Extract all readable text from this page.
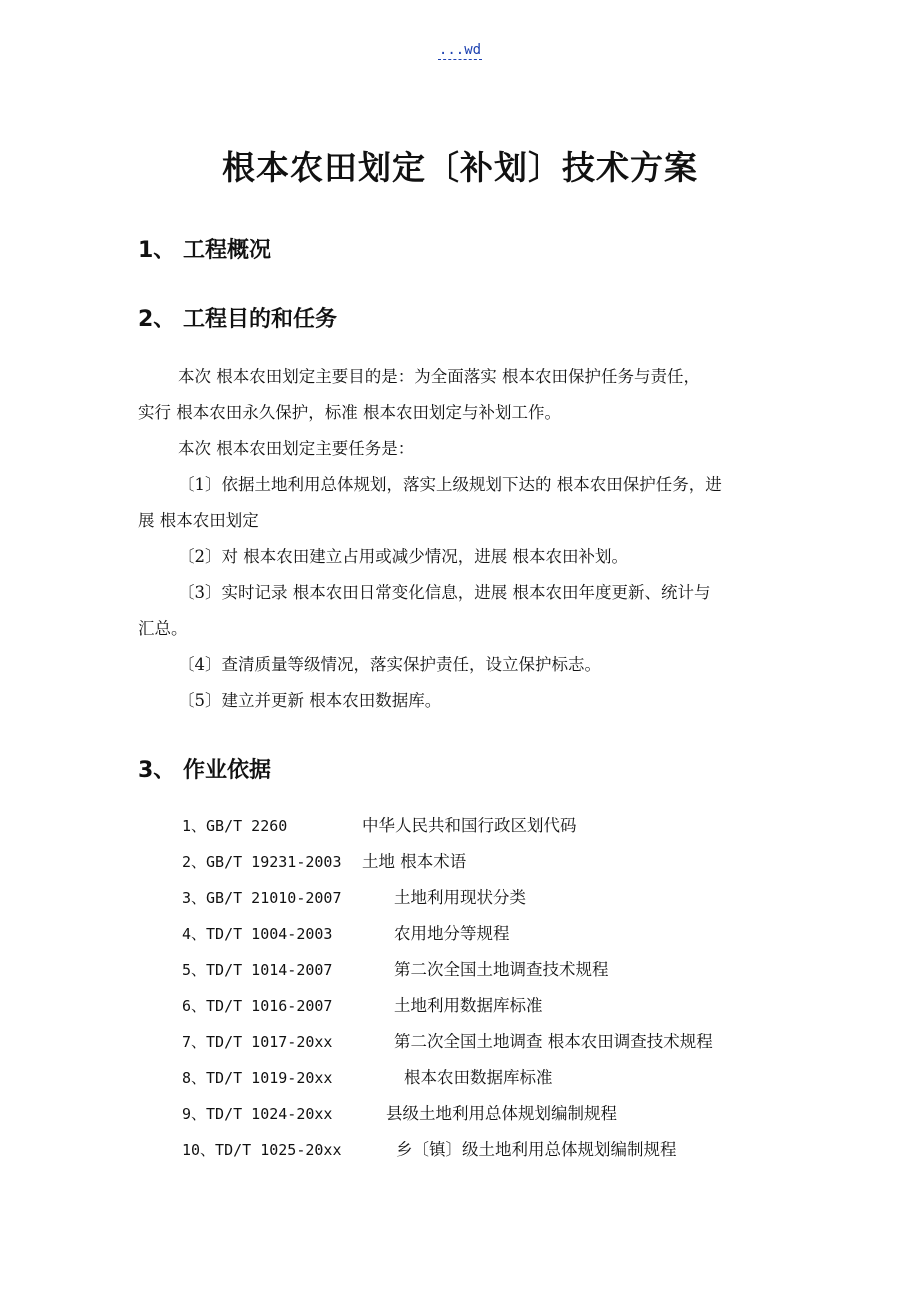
...wd
根本农田划定〔补划〕技术方案
1、 工程概况
2、 工程目的和任务
本次 根本农田划定主要目的是：为全面落实 根本农田保护任务与责任，
实行 根本农田永久保护，标准 根本农田划定与补划工作。
本次 根本农田划定主要任务是：
〔1〕依据土地利用总体规划，落实上级规划下达的 根本农田保护任务，进
展 根本农田划定
〔2〕对 根本农田建立占用或减少情况，进展 根本农田补划。
〔3〕实时记录 根本农田日常变化信息，进展 根本农田年度更新、统计与
汇总。
〔4〕查清质量等级情况，落实保护责任，设立保护标志。
〔5〕建立并更新 根本农田数据库。
3、 作业依据
1、GB/T 2260	中华人民共和国行政区划代码
2、GB/T 19231-2003 土地 根本术语
3、GB/T 21010-2007	土地利用现状分类
4、TD/T 1004-2003	农用地分等规程
5、TD/T 1014-2007	第二次全国土地调查技术规程
6、TD/T 1016-2007	土地利用数据库标准
7、TD/T 1017-20xx	第二次全国土地调查 根本农田调查技术规程
8、TD/T 1019-20xx	根本农田数据库标准
9、TD/T 1024-20xx	县级土地利用总体规划编制规程
10、TD/T 1025-20xx	乡〔镇〕级土地利用总体规划编制规程
